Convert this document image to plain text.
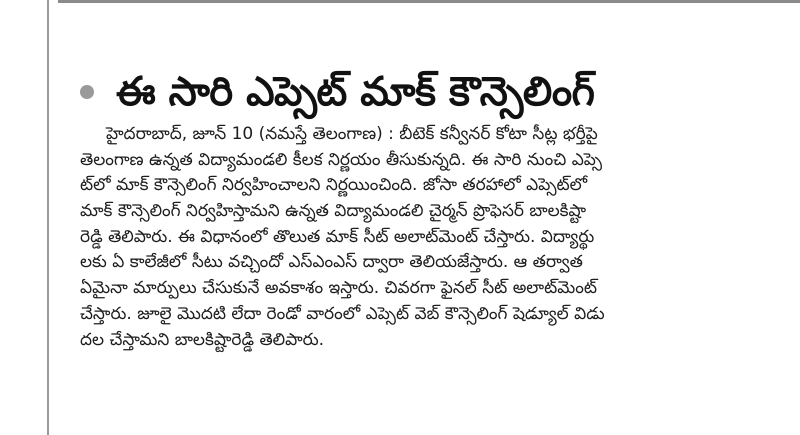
ఈ సారి ఎప్సెట్ మాక్ కౌన్సెలింగ్
హైదరాబాద్, జూన్ 10 (నమస్తే తెలంగాణ) : బీటెక్ కన్వీనర్ కోటా సీట్ల భర్తీపై
తెలంగాణ ఉన్నత విద్యామండలి కీలక నిర్ణయం తీసుకున్నది. ఈ సారి నుంచి ఎప్సె
ట్‌లో మాక్ కౌన్సెలింగ్ నిర్వహించాలని నిర్ణయించింది. జోసా తరహాలో ఎప్సెట్‌లో
మాక్ కౌన్సెలింగ్ నిర్వహిస్తామని ఉన్నత విద్యామండలి చైర్మన్ ప్రొఫెసర్ బాలకిష్టా
రెడ్డి తెలిపారు. ఈ విధానంలో తొలుత మాక్ సీట్ అలాట్‌మెంట్ చేస్తారు. విద్యార్థు
లకు ఏ కాలేజీలో సీటు వచ్చిందో ఎస్ఎంఎస్ ద్వారా తెలియజేస్తారు. ఆ తర్వాత
ఏమైనా మార్పులు చేసుకునే అవకాశం ఇస్తారు. చివరగా ఫైనల్ సీట్ అలాట్‌మెంట్
చేస్తారు. జూలై మొదటి లేదా రెండో వారంలో ఎప్సెట్ వెబ్ కౌన్సెలింగ్ షెడ్యూల్ విడు
దల చేస్తామని బాలకిష్టారెడ్డి తెలిపారు.
